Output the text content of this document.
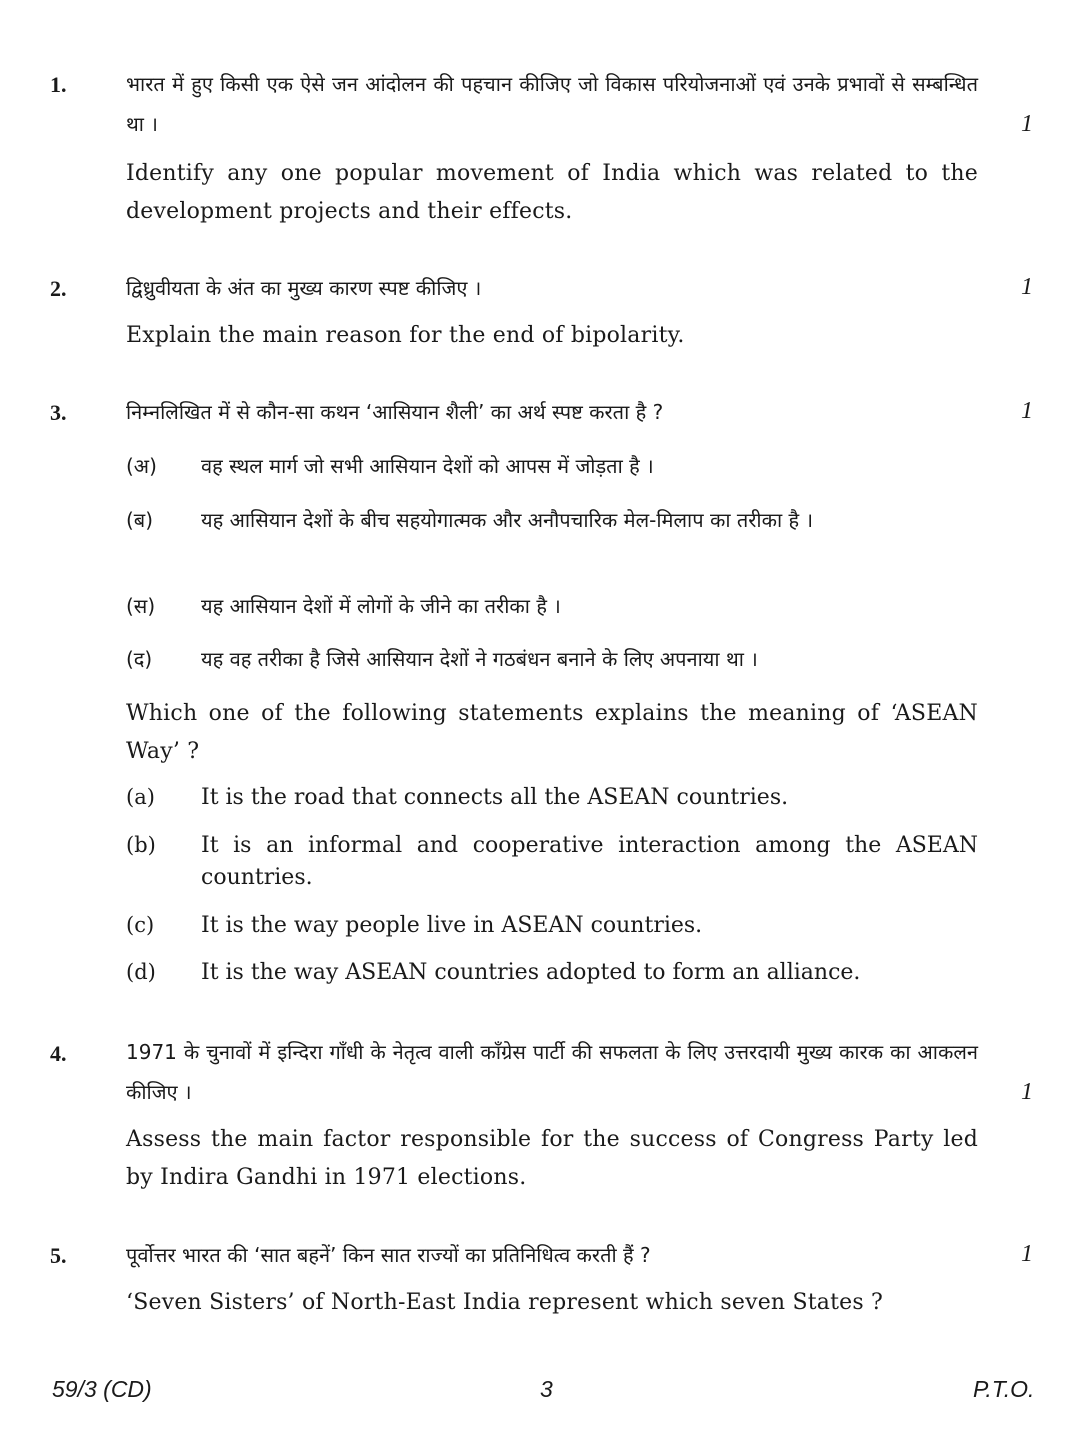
1.	भारत में हुए किसी एक ऐसे जन आंदोलन की पहचान कीजिए जो विकास परियोजनाओं एवं उनके प्रभावों से सम्बन्धित था ।	1

Identify any one popular movement of India which was related to the development projects and their effects.

2.	द्विध्रुवीयता के अंत का मुख्य कारण स्पष्ट कीजिए ।	1

Explain the main reason for the end of bipolarity.

3.	निम्नलिखित में से कौन-सा कथन ‘आसियान शैली’ का अर्थ स्पष्ट करता है ?	1
(अ) वह स्थल मार्ग जो सभी आसियान देशों को आपस में जोड़ता है ।

(ब) यह आसियान देशों के बीच सहयोगात्मक और अनौपचारिक मेल-मिलाप का तरीका है ।

(स) यह आसियान देशों में लोगों के जीने का तरीका है ।

(द) यह वह तरीका है जिसे आसियान देशों ने गठबंधन बनाने के लिए अपनाया था ।

Which one of the following statements explains the meaning of ‘ASEAN Way’ ?

(a) It is the road that connects all the ASEAN countries.

(b) It is an informal and cooperative interaction among the ASEAN countries.

(c) It is the way people live in ASEAN countries.

(d) It is the way ASEAN countries adopted to form an alliance.

4.	1971 के चुनावों में इन्दिरा गाँधी के नेतृत्व वाली काँग्रेस पार्टी की सफलता के लिए उत्तरदायी मुख्य कारक का आकलन कीजिए ।	1

Assess the main factor responsible for the success of Congress Party led by Indira Gandhi in 1971 elections.

5.	पूर्वोत्तर भारत की ‘सात बहनें’ किन सात राज्यों का प्रतिनिधित्व करती हैं ?	1

‘Seven Sisters’ of North-East India represent which seven States ?

59/3 (CD)	3	P.T.O.
